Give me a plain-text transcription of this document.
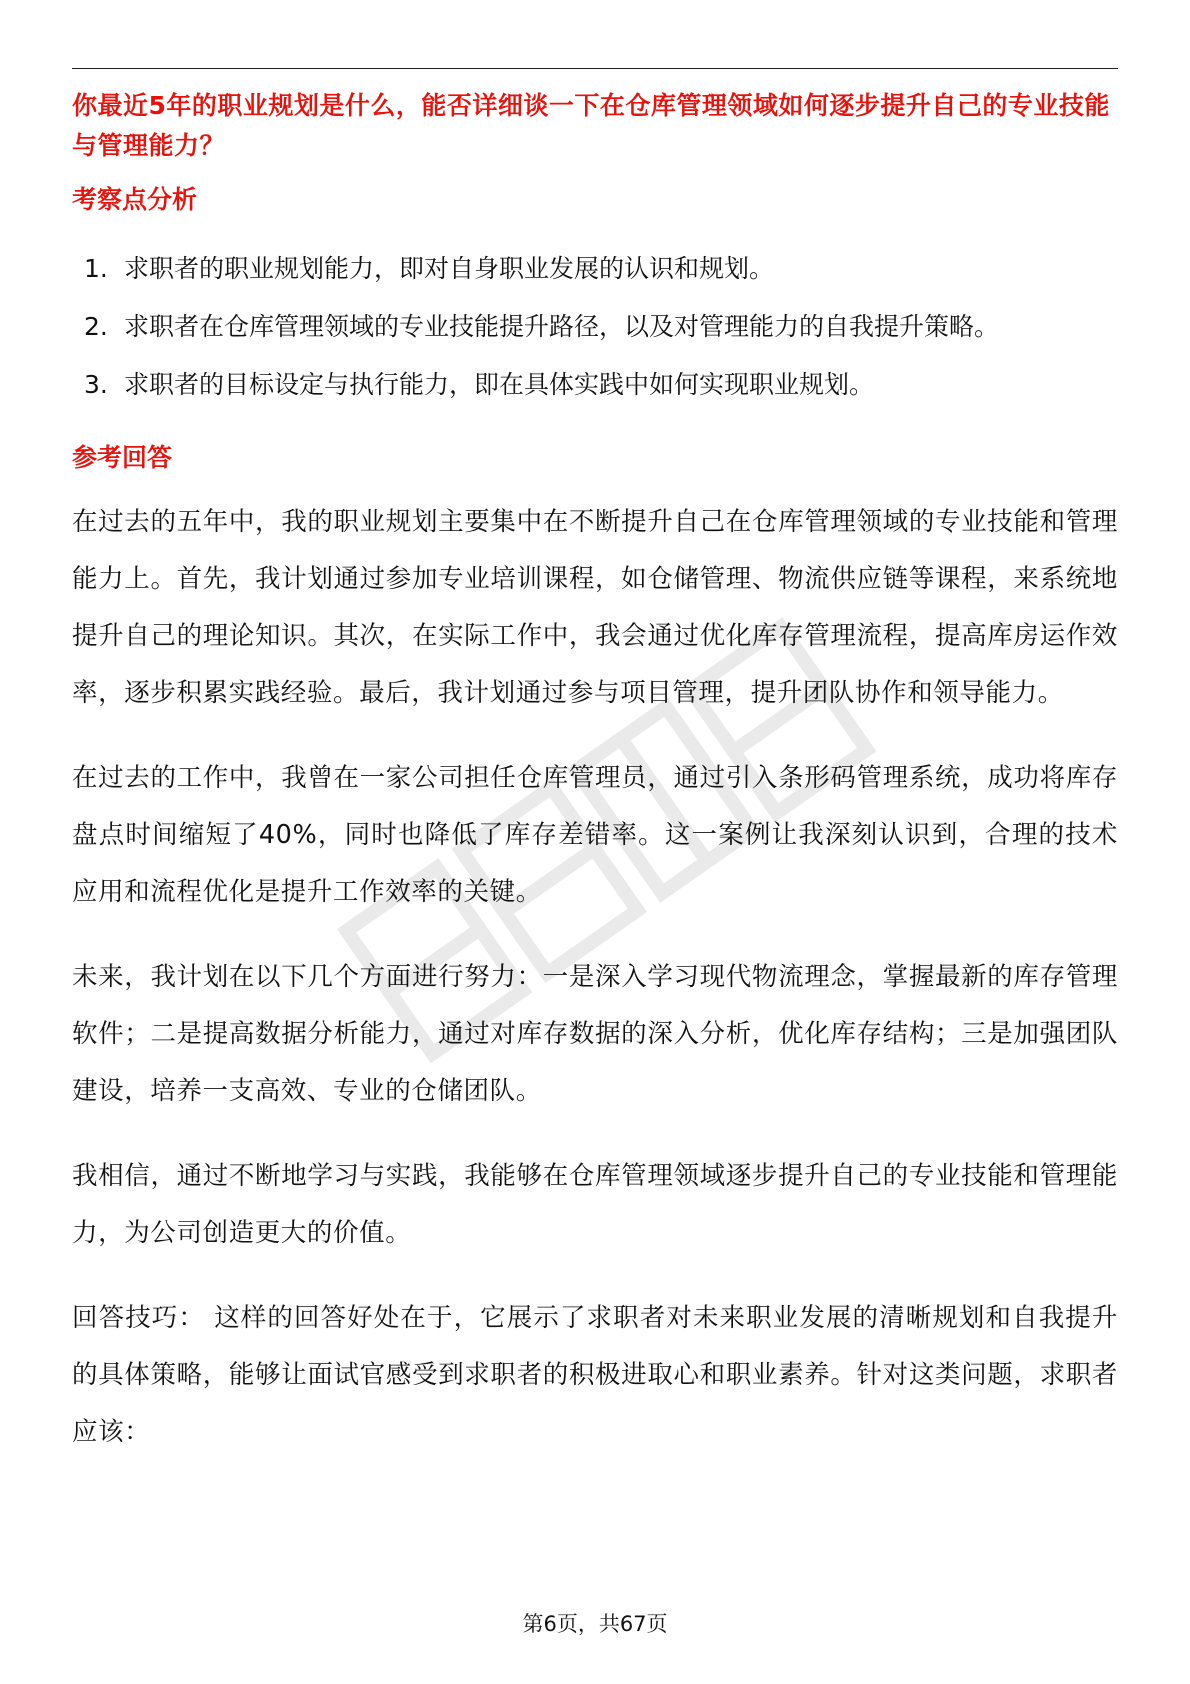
你最近5年的职业规划是什么，能否详细谈一下在仓库管理领域如何逐步提升自己的专业技能与管理能力？

考察点分析

1. 求职者的职业规划能力，即对自身职业发展的认识和规划。
2. 求职者在仓库管理领域的专业技能提升路径，以及对管理能力的自我提升策略。
3. 求职者的目标设定与执行能力，即在具体实践中如何实现职业规划。

参考回答

在过去的五年中，我的职业规划主要集中在不断提升自己在仓库管理领域的专业技能和管理能力上。首先，我计划通过参加专业培训课程，如仓储管理、物流供应链等课程，来系统地提升自己的理论知识。其次，在实际工作中，我会通过优化库存管理流程，提高库房运作效率，逐步积累实践经验。最后，我计划通过参与项目管理，提升团队协作和领导能力。

在过去的工作中，我曾在一家公司担任仓库管理员，通过引入条形码管理系统，成功将库存盘点时间缩短了40%，同时也降低了库存差错率。这一案例让我深刻认识到，合理的技术应用和流程优化是提升工作效率的关键。

未来，我计划在以下几个方面进行努力：一是深入学习现代物流理念，掌握最新的库存管理软件；二是提高数据分析能力，通过对库存数据的深入分析，优化库存结构；三是加强团队建设，培养一支高效、专业的仓储团队。

我相信，通过不断地学习与实践，我能够在仓库管理领域逐步提升自己的专业技能和管理能力，为公司创造更大的价值。

回答技巧： 这样的回答好处在于，它展示了求职者对未来职业发展的清晰规划和自我提升的具体策略，能够让面试官感受到求职者的积极进取心和职业素养。针对这类问题，求职者应该：

第6页，共67页
